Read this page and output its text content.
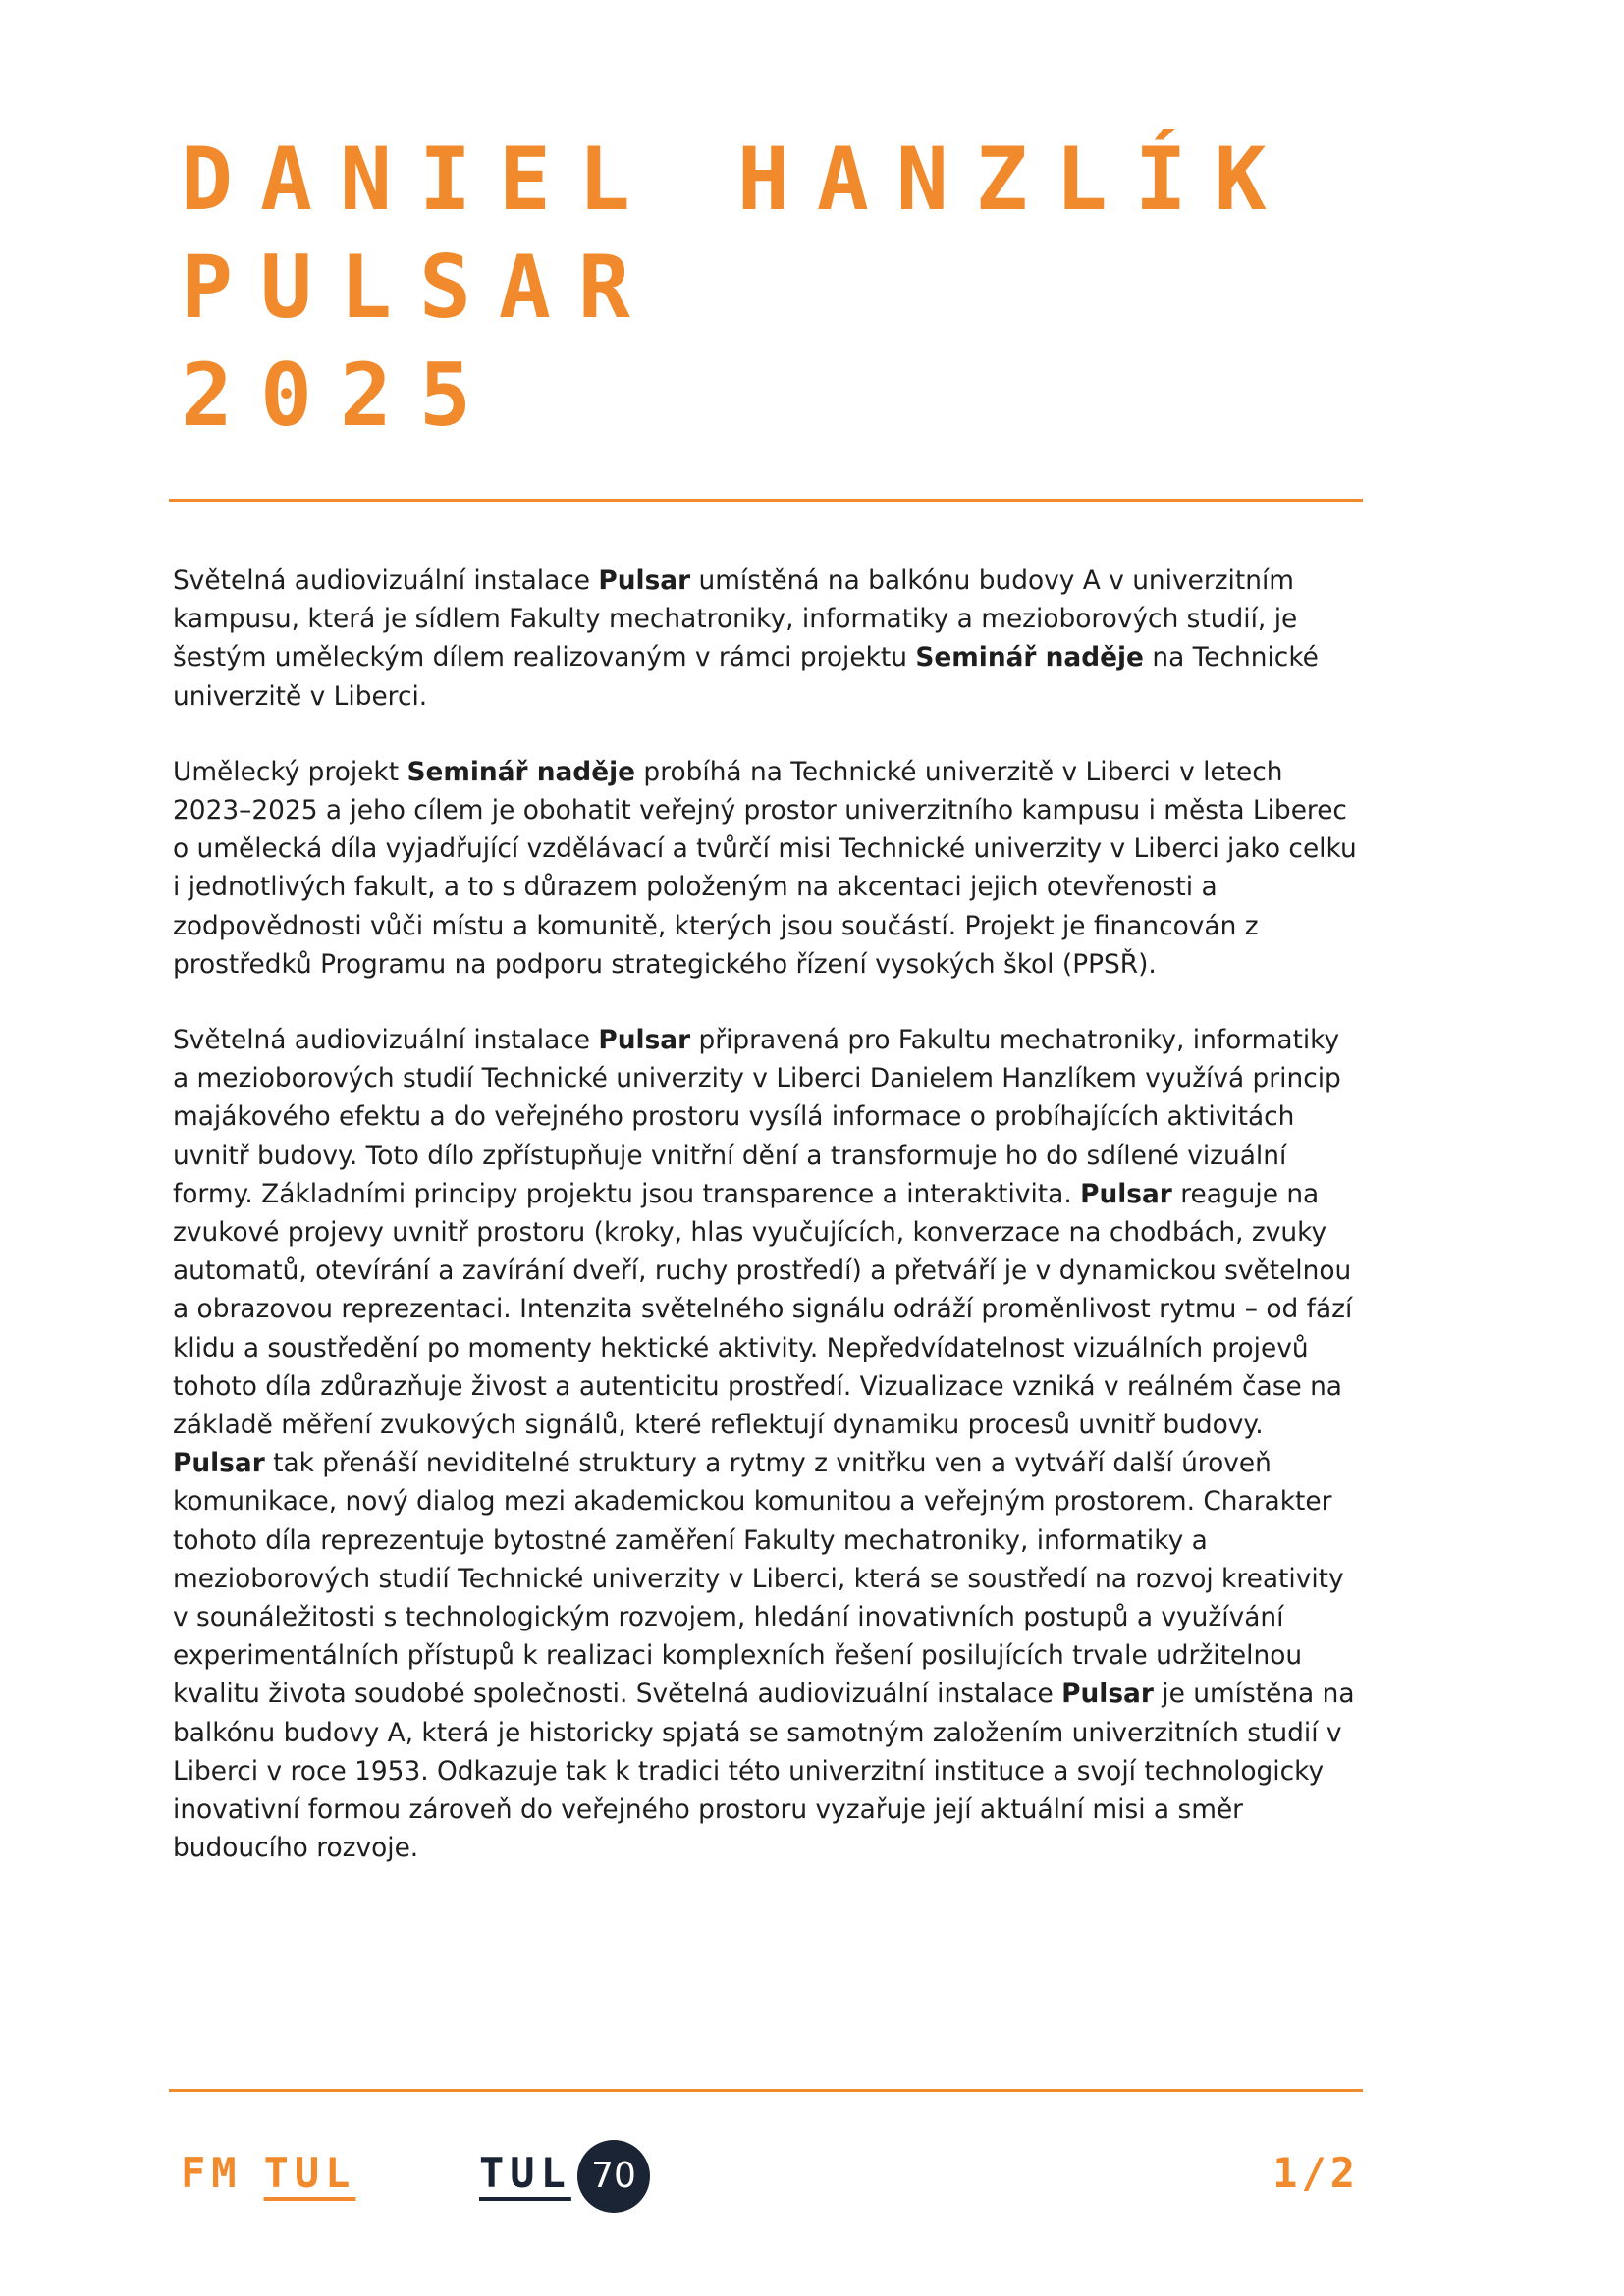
DANIEL HANZLÍK
PULSAR
2025

Světelná audiovizuální instalace Pulsar umístěná na balkónu budovy A v univerzitním kampusu, která je sídlem Fakulty mechatroniky, informatiky a mezioborových studií, je šestým uměleckým dílem realizovaným v rámci projektu Seminář naděje na Technické univerzitě v Liberci.

Umělecký projekt Seminář naděje probíhá na Technické univerzitě v Liberci v letech 2023–2025 a jeho cílem je obohatit veřejný prostor univerzitního kampusu i města Liberec o umělecká díla vyjadřující vzdělávací a tvůrčí misi Technické univerzity v Liberci jako celku i jednotlivých fakult, a to s důrazem položeným na akcentaci jejich otevřenosti a zodpovědnosti vůči místu a komunitě, kterých jsou součástí. Projekt je financován z prostředků Programu na podporu strategického řízení vysokých škol (PPSŘ).

Světelná audiovizuální instalace Pulsar připravená pro Fakultu mechatroniky, informatiky a mezioborových studií Technické univerzity v Liberci Danielem Hanzlíkem využívá princip majákového efektu a do veřejného prostoru vysílá informace o probíhajících aktivitách uvnitř budovy. Toto dílo zpřístupňuje vnitřní dění a transformuje ho do sdílené vizuální formy. Základními principy projektu jsou transparence a interaktivita. Pulsar reaguje na zvukové projevy uvnitř prostoru (kroky, hlas vyučujících, konverzace na chodbách, zvuky automatů, otevírání a zavírání dveří, ruchy prostředí) a přetváří je v dynamickou světelnou a obrazovou reprezentaci. Intenzita světelného signálu odráží proměnlivost rytmu – od fází klidu a soustředění po momenty hektické aktivity. Nepředvídatelnost vizuálních projevů tohoto díla zdůrazňuje živost a autenticitu prostředí. Vizualizace vzniká v reálném čase na základě měření zvukových signálů, které reflektují dynamiku procesů uvnitř budovy. Pulsar tak přenáší neviditelné struktury a rytmy z vnitřku ven a vytváří další úroveň komunikace, nový dialog mezi akademickou komunitou a veřejným prostorem. Charakter tohoto díla reprezentuje bytostné zaměření Fakulty mechatroniky, informatiky a mezioborových studií Technické univerzity v Liberci, která se soustředí na rozvoj kreativity v sounáležitosti s technologickým rozvojem, hledání inovativních postupů a využívání experimentálních přístupů k realizaci komplexních řešení posilujících trvale udržitelnou kvalitu života soudobé společnosti. Světelná audiovizuální instalace Pulsar je umístěna na balkónu budovy A, která je historicky spjatá se samotným založením univerzitních studií v Liberci v roce 1953. Odkazuje tak k tradici této univerzitní instituce a svojí technologicky inovativní formou zároveň do veřejného prostoru vyzařuje její aktuální misi a směr budoucího rozvoje.

FM TUL	TUL 70	1/2
